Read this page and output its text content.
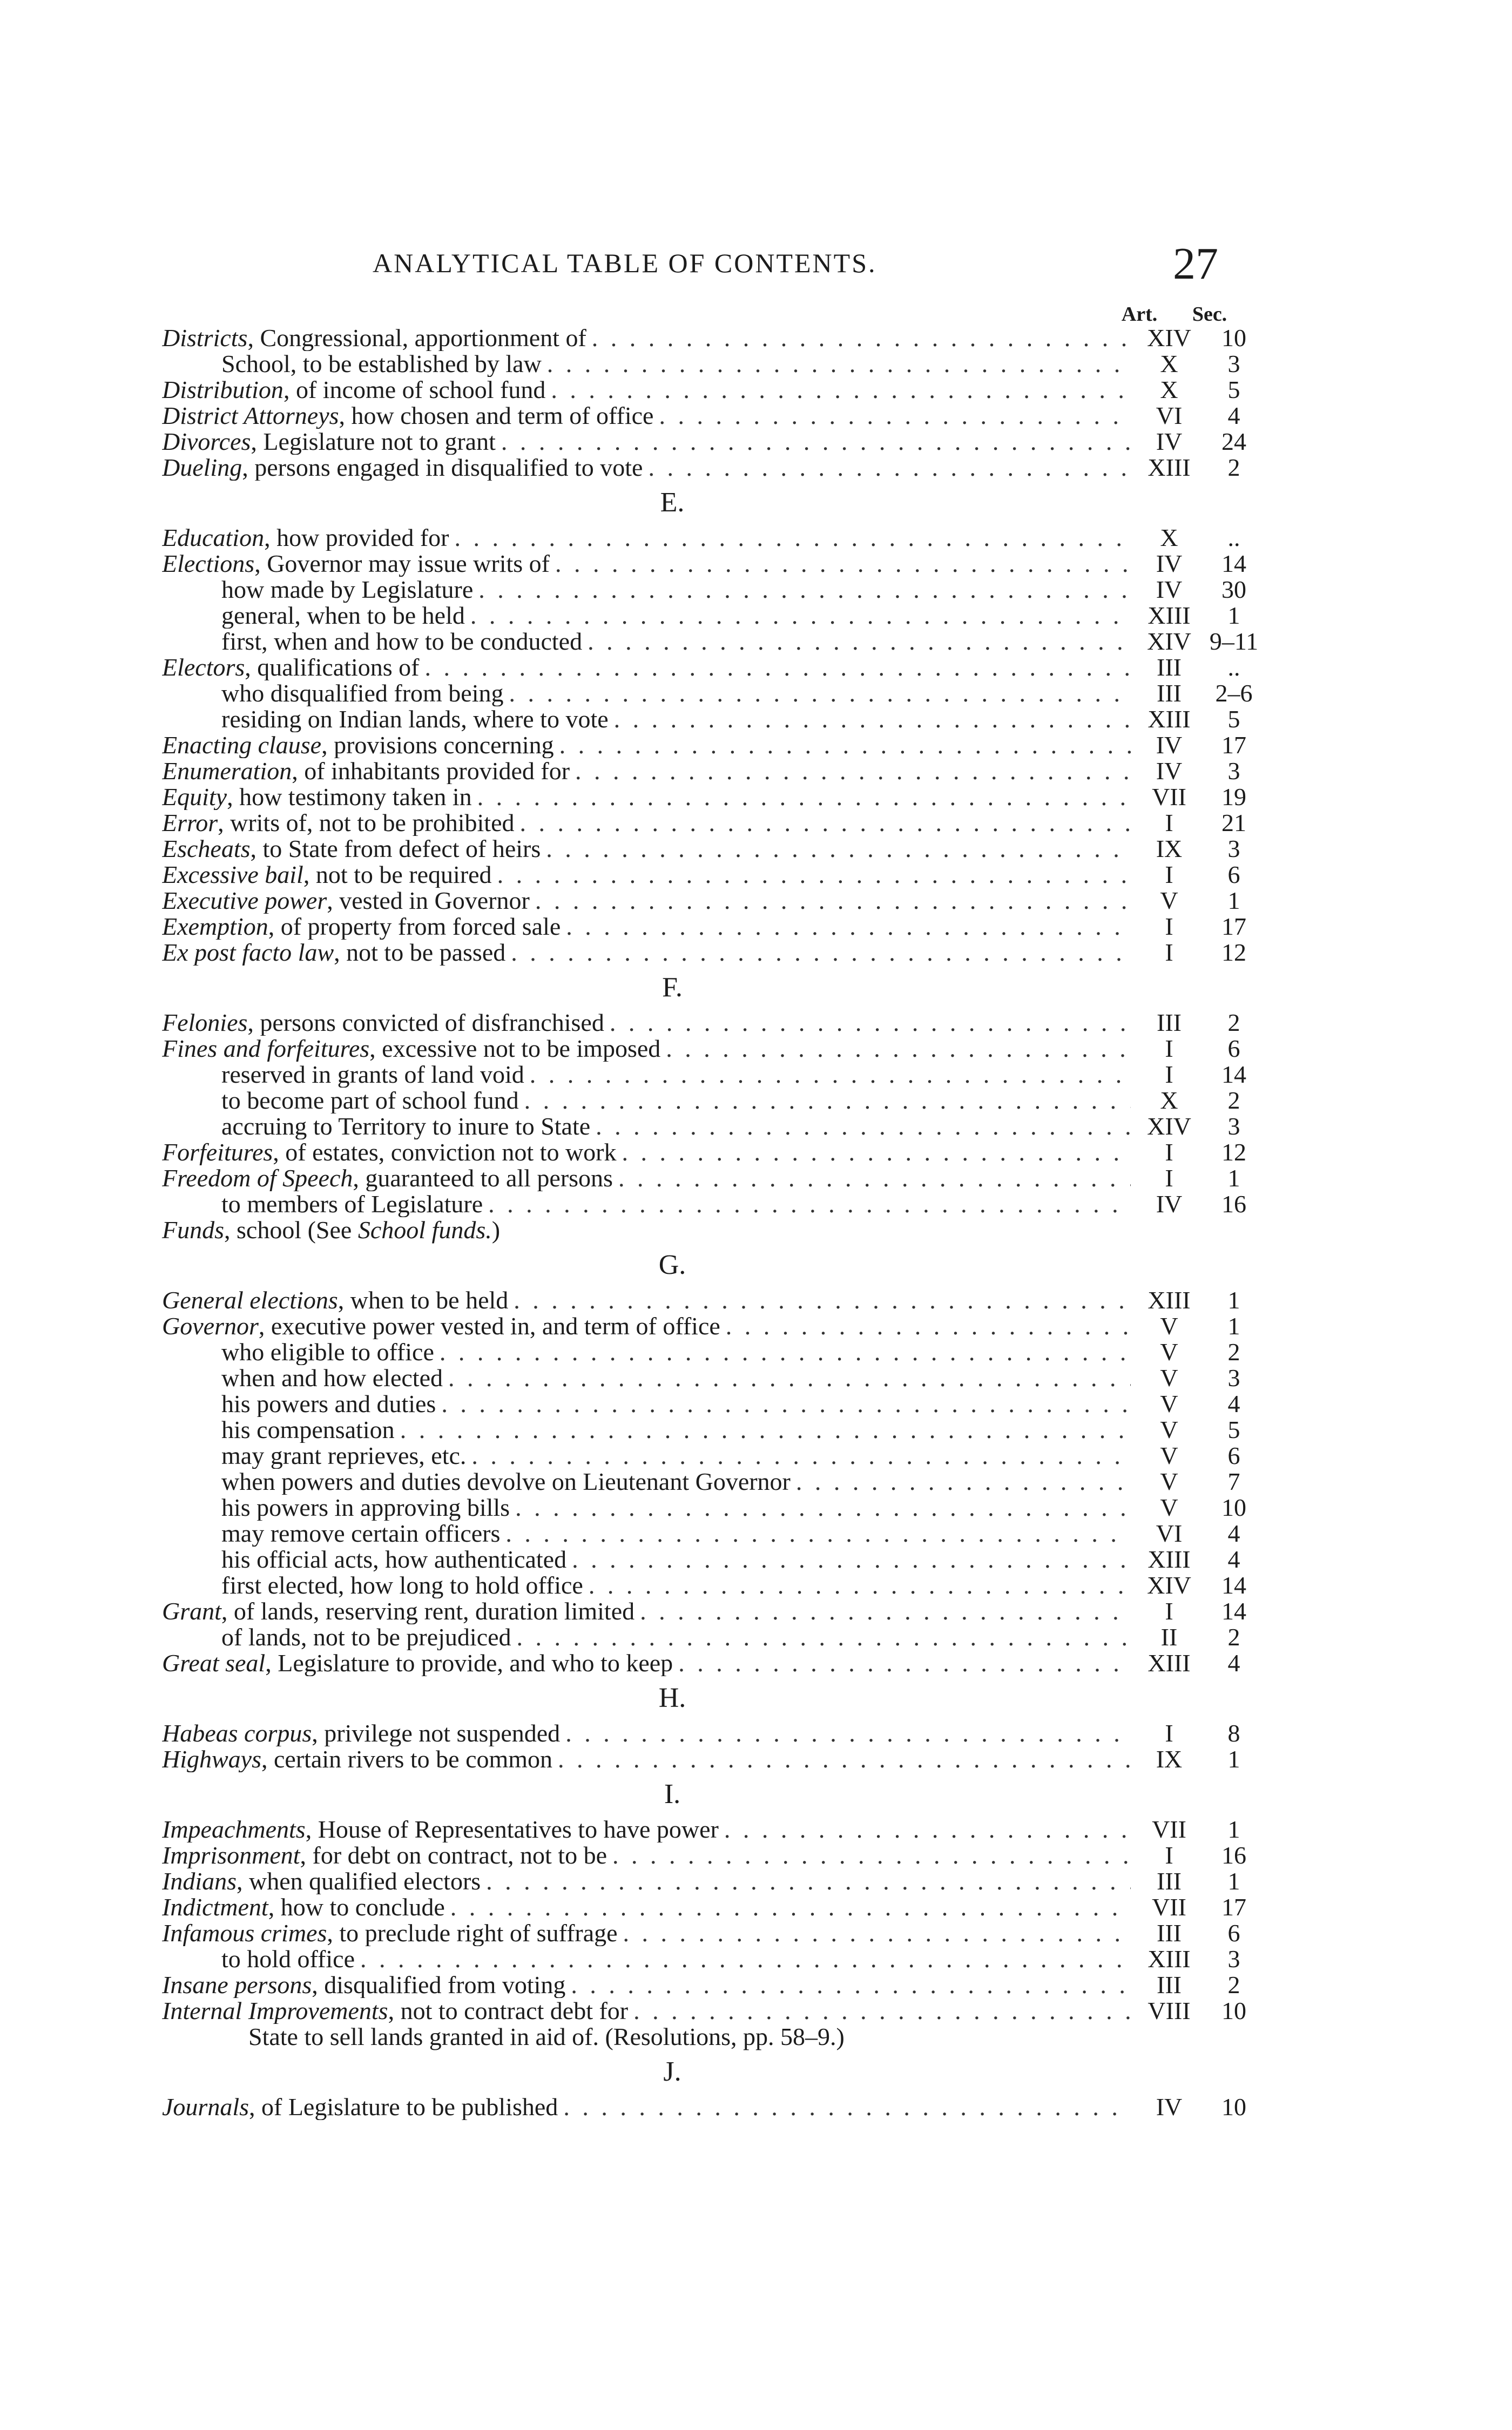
ANALYTICAL TABLE OF CONTENTS.	27
Art.	Sec.
Districts , Congressional, apportionment of . . .	XIV	10
School, to be established by law . . .	X	3
Distribution , of income of school fund . . .	X	5
District Attorneys , how chosen and term of office . . .	VI	4
Divorces , Legislature not to grant . . .	IV	24
Dueling , persons engaged in disqualified to vote . . .	XIII	2
E.
Education , how provided for . . .	X	..
Elections , Governor may issue writs of . . .	IV	14
how made by Legislature . . .	IV	30
general, when to be held . . .	XIII	1
first, when and how to be conducted . . .	XIV 9–11
Electors , qualifications of . . .	III	..
who disqualified from being . . .	III	2–6
residing on Indian lands, where to vote . . .	XIII	5
Enacting clause , provisions concerning . . .	IV	17
Enumeration , of inhabitants provided for . . .	IV	3
Equity , how testimony taken in . . .	VII	19
Error , writs of, not to be prohibited . . .	I	21
Escheats , to State from defect of heirs . . .	IX	3
Excessive bail , not to be required . . .	I	6
Executive power , vested in Governor . . .	V	1
Exemption , of property from forced sale . . .	I	17
Ex post facto law , not to be passed . . .	I	12
F.
Felonies , persons convicted of disfranchised . . .	III	2
Fines and forfeitures , excessive not to be imposed . . .	I	6
reserved in grants of land void . . .	I	14
to become part of school fund . . .	X	2
accruing to Territory to inure to State . . .	XIV	3
Forfeitures , of estates, conviction not to work . . .	I	12
Freedom of Speech , guaranteed to all persons . . .	I	1
to members of Legislature . . .	IV	16
Funds, school (See School funds.)
G.
General elections , when to be held . . .	XIII	1
Governor , executive power vested in, and term of office . . .	V	1
who eligible to office . . .	V	2
when and how elected . . .	V	3
his powers and duties . . .	V	4
his compensation . . .	V	5
may grant reprieves, etc. . . .	V	6
when powers and duties devolve on Lieutenant Governor . . .	V	7
his powers in approving bills . . .	V	10
may remove certain officers . . .	VI	4
his official acts, how authenticated . . .	XIII	4
first elected, how long to hold office . . .	XIV	14
Grant , of lands, reserving rent, duration limited . . .	I	14
of lands, not to be prejudiced . . .	II	2
Great seal , Legislature to provide, and who to keep . . .	XIII	4
H.
Habeas corpus , privilege not suspended . . .	I	8
Highways , certain rivers to be common . . .	IX	1
I.
Impeachments , House of Representatives to have power . . .	VII	1
Imprisonment , for debt on contract, not to be . . .	I	16
Indians , when qualified electors . . .	III	1
Indictment , how to conclude . . .	VII	17
Infamous crimes , to preclude right of suffrage . . .	III	6
to hold office . . .	XIII	3
Insane persons , disqualified from voting . . .	III	2
Internal Improvements , not to contract debt for . . .	VIII	10
State to sell lands granted in aid of. (Resolutions, pp. 58–9.)
J.
Journals , of Legislature to be published . . .	IV	10
